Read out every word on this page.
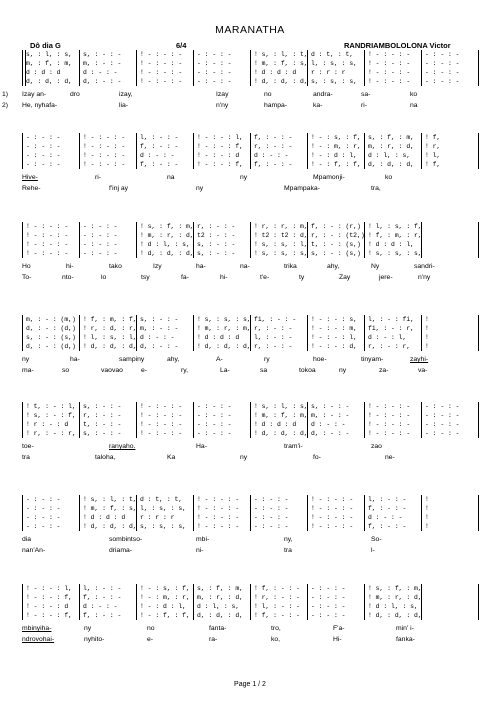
MARANATHA
Dô dia G	6/4	RANDRIAMBOLOLONA Victor
s, : l, : s, s, : - : -	! - : - : - - : - : -	! s, : l, : t, d : t, : t, ! - : - : - - : - : -
m, : f, : m, m, : - : -	! - : - : - - : - : -	! m, : f, : s, l, : s, : s, ! - : - : - - : - : -
d : d : d	d : - : -	! - : - : - - : - : -	! d : d : d r : r : r	! - : - : - - : - : -
d, : d, : d, d, : - : -	! - : - : - - : - : -	! d, : d, : d, s, : s, : s, ! - : - : - - : - : -
1) Izay an-	dro	izay,	Izay	no	andra-	sa-	ko
2) He, nyhafa-	lia-	n'ny	hampa-	ka-	ri-	na
- : - : -	! - : - : - l, : - : -	! - : - : l, f, : - : -	! - : s, : f, s, : f, : m, ! f,
- : - : -	! - : - : - f, : - : -	! - : - : f, r, : - : -	! - : m, : r, m, : r, : d, ! r,
- : - : -	! - : - : - d : - : -	! - : - : d d : - : -	! - : d : l, d : l, : s, ! l,
- : - : -	! - : - : - f, : - : -	! - : - : f, f, : - : -	! - : f, : f, d, : d, : d, ! f,
Hive-	ri-	na	ny	Mpamonji-	ko
Rehe-	f'inj ay	ny	Mpampaka-	tra,
! - : - : - - : - : -	! s, : f, : m, r, : - : -	! r, : r, : m, f, : - : (r,) ! l, : s, : f,
! - : - : - - : - : -	! m, : r, : d, t2 : - : -	! t2 : t2 : d, r, : - : (t2,) ! f, : m, : r,
! - : - : - - : - : -	! d : l, : s, s, : - : -	! s, : s, : l, t, : - : (s,) ! d : d : l,
! - : - : - - : - : -	! d, : d, : d, s, : - : -	! s, : s, : s, s, : - : (s,) ! s, : s, : s,
Ho	hi-	tako	Izy	ha-	na-	trika	ahy,	Ny	sandri-
To-	nto-	lo	tsy	fa-	hi-	t'e-	ty	Zay	jere-	n'ny
m, : - : (m,) ! f, : m, : f, s, : - : -	! s, : s, : s, fi, : - : - ! - : - : s, l, : - : fi, !
d, : - : (d,) ! r, : d, : r, m, : - : -	! m, : r, : m, r, : - : -	! - : - : m, fi, : - : r, !
s, : - : (s,) ! l, : s, : l, d : - : -	! d : d : d l, : - : -	! - : - : l, d : - : l,	!
d, : - : (d,) ! d, : d, : d, d, : - : -	! d, : d, : d, r, : - : -	! - : - : d, r, : - : r, !
ny	ha-	sampiny	ahy,	A-	ry	hoe-	tinyam-	zayhi-
ma-	so	vaovao	e-	ry,	La-	sa	tokoa	ny	za-	va-
! t, : - : l, s, : - : -	! - : - : - - : - : -	! s, : l, : s, s, : - : -	! - : - : - - : - : -
! s, : - : f, r, : - : -	! - : - : - - : - : -	! m, : f, : m, m, : - : -	! - : - : - - : - : -
! r : - : d t, : - : -	! - : - : - - : - : -	! d : d : d d : - : -	! - : - : - - : - : -
! r, : - : r, s, : - : -	! - : - : - - : - : -	! d, : d, : d, d, : - : -	! - : - : - - : - : -
toe-	ranyaho.	Ha-	tram'i-	zao
tra	taloha,	Ka	ny	fo-	ne-
- : - : -	! s, : l, : t, d : t, : t, ! - : - : - - : - : -	! - : - : - l, : - : -	!
- : - : -	! m, : f, : s, l, : s, : s, ! - : - : - - : - : -	! - : - : - f, : - : -	!
- : - : -	! d : d : d r : r : r	! - : - : - - : - : -	! - : - : - d : - : -	!
- : - : -	! d, : d, : d, s, : s, : s, ! - : - : - - : - : -	! - : - : - f, : - : -	!
dia	sombintso-	mbi-	ny,	So-
nan'An-	driama-	ni-	tra	l-
! - : - : l, l, : - : -	! - : s, : f, s, : f, : m, ! f, : - : - - : - : -	! s, : f, : m,
! - : - : f, f, : - : -	! - : m, : r, m, : r, : d, ! r, : - : - - : - : -	! m, : r, : d,
! - : - : d d : - : -	! - : d : l, d : l, : s, ! l, : - : - - : - : -	! d : l, : s,
! - : - : f, f, : - : -	! - : f, : f, d, : d, : d, ! f, : - : - - : - : -	! d, : d, : d,
mbinyiha-	ny	no	fanta-	tro,	F'a-	min' i-
ndrovohai-	nyhito-	e-	ra-	ko,	Hi-	fanka-
Page 1 / 2
